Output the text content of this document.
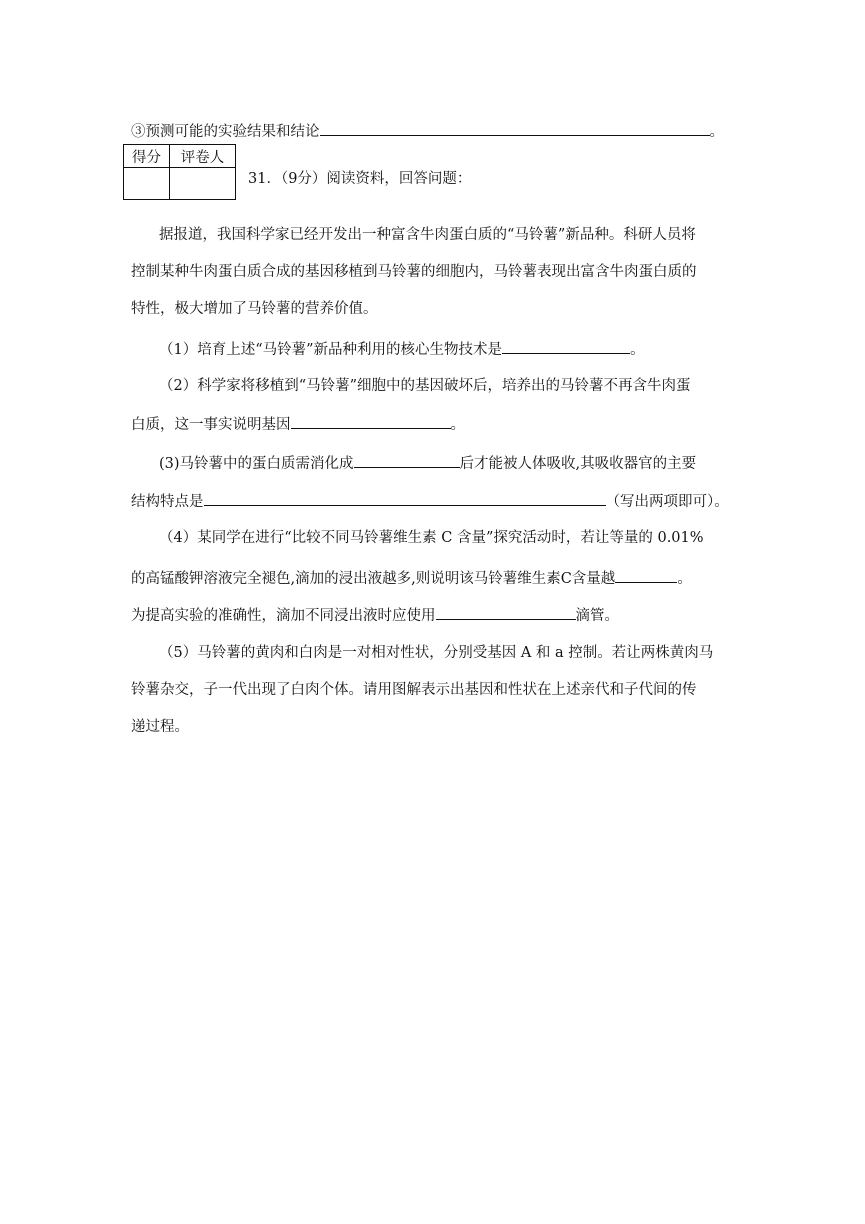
③预测可能的实验结果和结论	。
得分	评卷人

31．（9分）阅读资料，回答问题：
据报道，我国科学家已经开发出一种富含牛肉蛋白质的“马铃薯”新品种。科研人员将
控制某种牛肉蛋白质合成的基因移植到马铃薯的细胞内，马铃薯表现出富含牛肉蛋白质的
特性，极大增加了马铃薯的营养价值。
（1）培育上述“马铃薯”新品种利用的核心生物技术是	。
（2）科学家将移植到“马铃薯”细胞中的基因破坏后，培养出的马铃薯不再含牛肉蛋
白质，这一事实说明基因	。
(3)马铃薯中的蛋白质需消化成	后才能被人体吸收,其吸收器官的主要
结构特点是	（写出两项即可）。
（4）某同学在进行“比较不同马铃薯维生素 C 含量”探究活动时，若让等量的 0.01%
的高锰酸钾溶液完全褪色,滴加的浸出液越多,则说明该马铃薯维生素C含量越	。
为提高实验的准确性，滴加不同浸出液时应使用	滴管。
（5）马铃薯的黄肉和白肉是一对相对性状，分别受基因 A 和 a 控制。若让两株黄肉马
铃薯杂交，子一代出现了白肉个体。请用图解表示出基因和性状在上述亲代和子代间的传
递过程。
